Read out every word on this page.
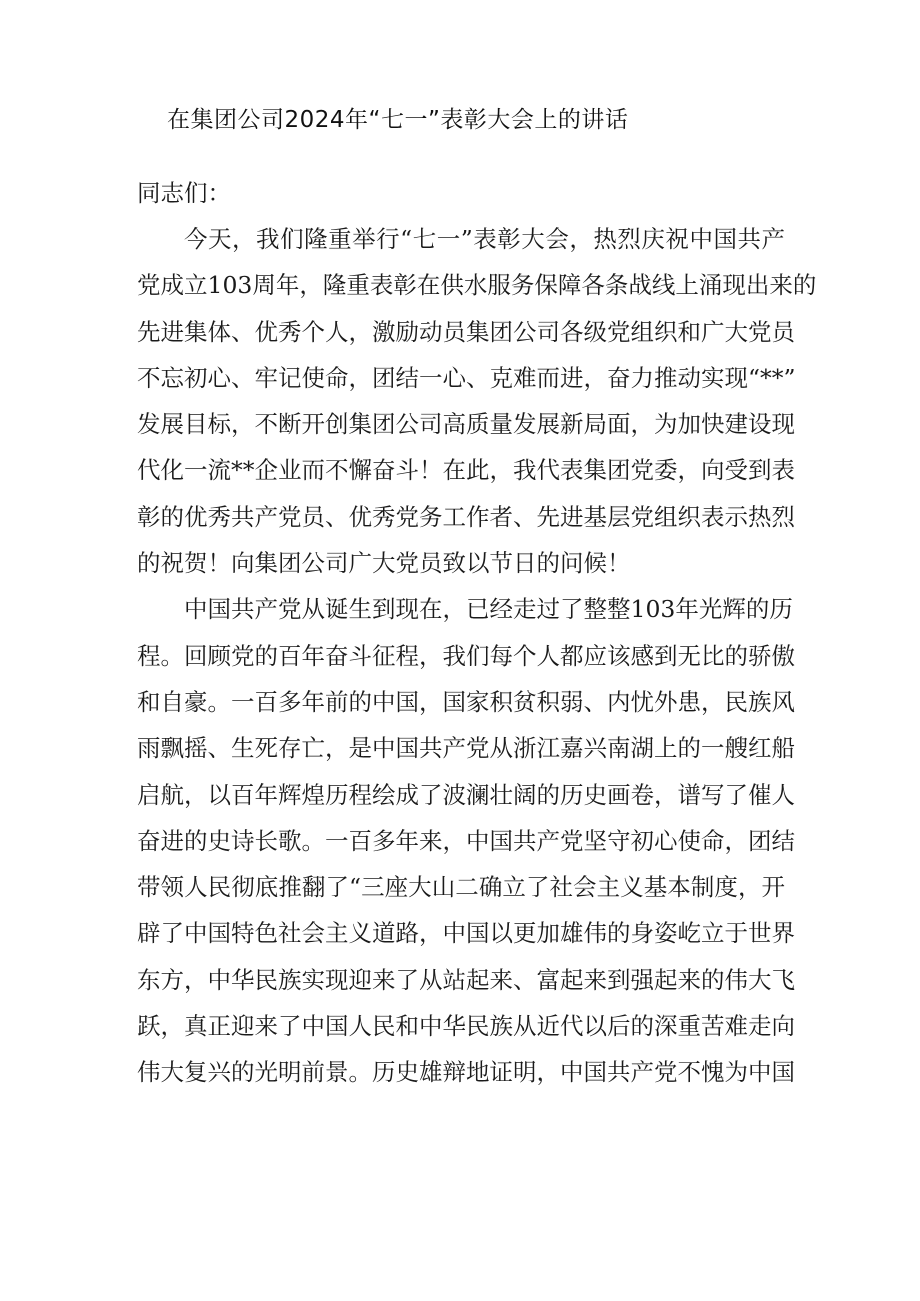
在集团公司2024年“七一”表彰大会上的讲话

同志们：

今天，我们隆重举行“七一”表彰大会，热烈庆祝中国共产
党成立103周年，隆重表彰在供水服务保障各条战线上涌现出来的
先进集体、优秀个人，激励动员集团公司各级党组织和广大党员
不忘初心、牢记使命，团结一心、克难而进，奋力推动实现“**”
发展目标，不断开创集团公司高质量发展新局面，为加快建设现
代化一流**企业而不懈奋斗！在此，我代表集团党委，向受到表
彰的优秀共产党员、优秀党务工作者、先进基层党组织表示热烈
的祝贺！向集团公司广大党员致以节日的问候！

中国共产党从诞生到现在，已经走过了整整103年光辉的历
程。回顾党的百年奋斗征程，我们每个人都应该感到无比的骄傲
和自豪。一百多年前的中国，国家积贫积弱、内忧外患，民族风
雨飘摇、生死存亡，是中国共产党从浙江嘉兴南湖上的一艘红船
启航，以百年辉煌历程绘成了波澜壮阔的历史画卷，谱写了催人
奋进的史诗长歌。一百多年来，中国共产党坚守初心使命，团结
带领人民彻底推翻了“三座大山二确立了社会主义基本制度，开
辟了中国特色社会主义道路，中国以更加雄伟的身姿屹立于世界
东方，中华民族实现迎来了从站起来、富起来到强起来的伟大飞
跃，真正迎来了中国人民和中华民族从近代以后的深重苦难走向
伟大复兴的光明前景。历史雄辩地证明，中国共产党不愧为中国
